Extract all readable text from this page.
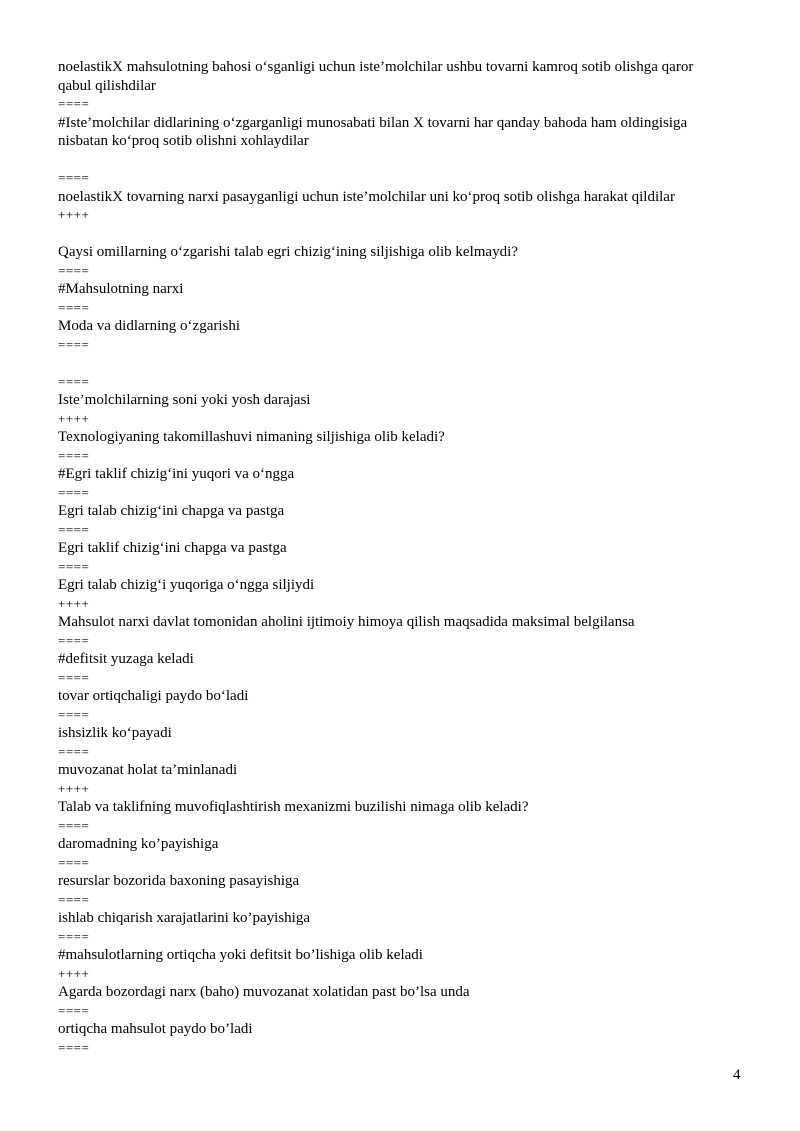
noelastikX mahsulotning bahosi o‘sganligi uchun iste’molchilar ushbu tovarni kamroq sotib olishga qaror
qabul qilishdilar
====
#Iste’molchilar didlarining o‘zgarganligi munosabati bilan X tovarni har qanday bahoda ham oldingisiga
nisbatan ko‘proq sotib olishni xohlaydilar
====
noelastikX tovarning narxi pasayganligi uchun iste’molchilar uni ko‘proq sotib olishga harakat qildilar
++++
Qaysi omillarning o‘zgarishi talab egri chizig‘ining siljishiga olib kelmaydi?
====
#Mahsulotning narxi
====
Moda va didlarning o‘zgarishi
====
====
Iste’molchilarning soni yoki yosh darajasi
++++
Texnologiyaning takomillashuvi nimaning siljishiga olib keladi?
====
#Egri taklif chizig‘ini yuqori va o‘ngga
====
Egri talab chizig‘ini chapga va pastga
====
Egri taklif chizig‘ini chapga va pastga
====
Egri talab chizig‘i yuqoriga o‘ngga siljiydi
++++
Mahsulot narxi davlat tomonidan aholini ijtimoiy himoya qilish maqsadida maksimal belgilansa
====
#defitsit yuzaga keladi
====
tovar ortiqchaligi paydo bo‘ladi
====
ishsizlik ko‘payadi
====
muvozanat holat ta’minlanadi
++++
Talab va taklifning muvofiqlashtirish mexanizmi buzilishi nimaga olib keladi?
====
daromadning ko’payishiga
====
resurslar bozorida baxoning pasayishiga
====
ishlab chiqarish xarajatlarini ko’payishiga
====
#mahsulotlarning ortiqcha yoki defitsit bo’lishiga olib keladi
++++
Agarda bozordagi narx (baho) muvozanat xolatidan past bo’lsa unda
====
ortiqcha mahsulot paydo bo’ladi
====
4
